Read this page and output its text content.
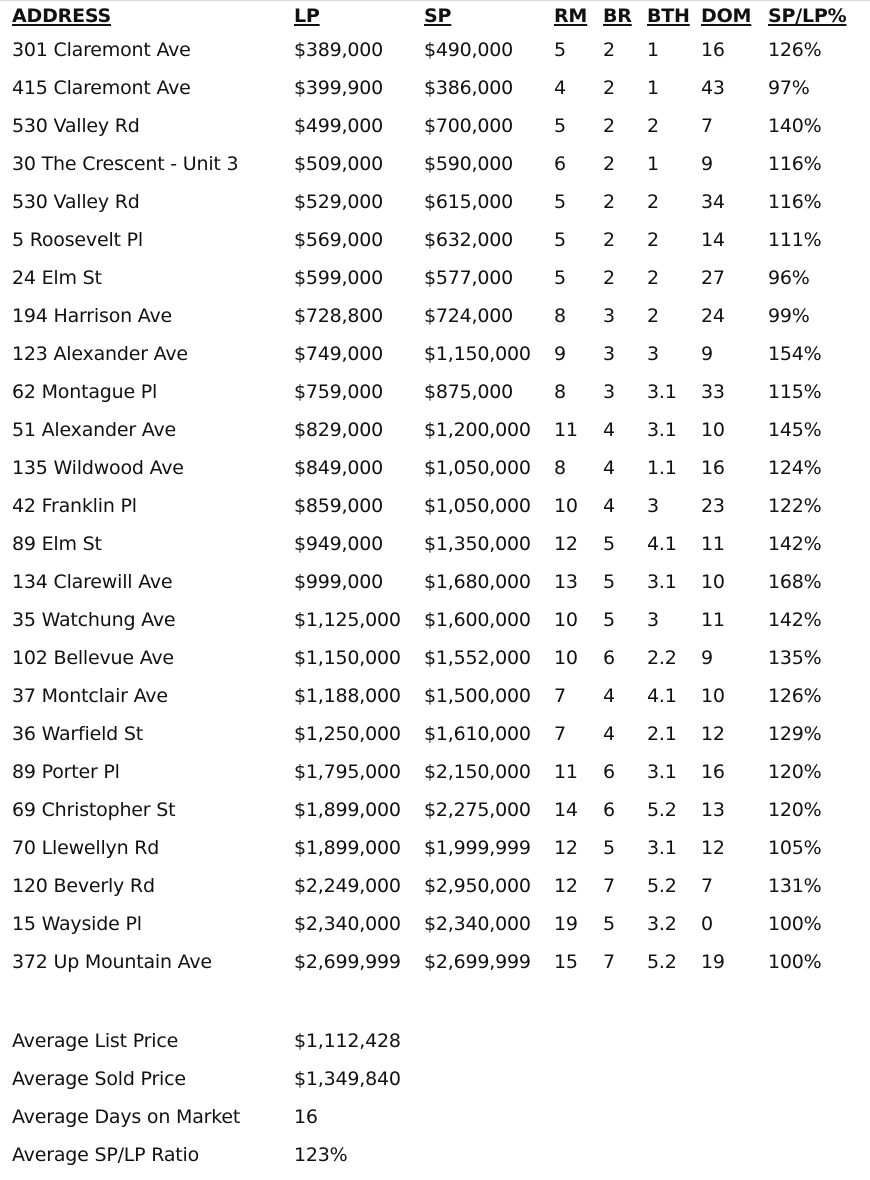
ADDRESS	LP	SP	RM	BR	BTH	DOM	SP/LP%
301 Claremont Ave	$389,000	$490,000	5	2	1	16	126%
415 Claremont Ave	$399,900	$386,000	4	2	1	43	97%
530 Valley Rd	$499,000	$700,000	5	2	2	7	140%
30 The Crescent - Unit 3	$509,000	$590,000	6	2	1	9	116%
530 Valley Rd	$529,000	$615,000	5	2	2	34	116%
5 Roosevelt Pl	$569,000	$632,000	5	2	2	14	111%
24 Elm St	$599,000	$577,000	5	2	2	27	96%
194 Harrison Ave	$728,800	$724,000	8	3	2	24	99%
123 Alexander Ave	$749,000	$1,150,000	9	3	3	9	154%
62 Montague Pl	$759,000	$875,000	8	3	3.1	33	115%
51 Alexander Ave	$829,000	$1,200,000	11	4	3.1	10	145%
135 Wildwood Ave	$849,000	$1,050,000	8	4	1.1	16	124%
42 Franklin Pl	$859,000	$1,050,000	10	4	3	23	122%
89 Elm St	$949,000	$1,350,000	12	5	4.1	11	142%
134 Clarewill Ave	$999,000	$1,680,000	13	5	3.1	10	168%
35 Watchung Ave	$1,125,000	$1,600,000	10	5	3	11	142%
102 Bellevue Ave	$1,150,000	$1,552,000	10	6	2.2	9	135%
37 Montclair Ave	$1,188,000	$1,500,000	7	4	4.1	10	126%
36 Warfield St	$1,250,000	$1,610,000	7	4	2.1	12	129%
89 Porter Pl	$1,795,000	$2,150,000	11	6	3.1	16	120%
69 Christopher St	$1,899,000	$2,275,000	14	6	5.2	13	120%
70 Llewellyn Rd	$1,899,000	$1,999,999	12	5	3.1	12	105%
120 Beverly Rd	$2,249,000	$2,950,000	12	7	5.2	7	131%
15 Wayside Pl	$2,340,000	$2,340,000	19	5	3.2	0	100%
372 Up Mountain Ave	$2,699,999	$2,699,999	15	7	5.2	19	100%
Average List Price	$1,112,428
Average Sold Price	$1,349,840
Average Days on Market	16
Average SP/LP Ratio	123%
